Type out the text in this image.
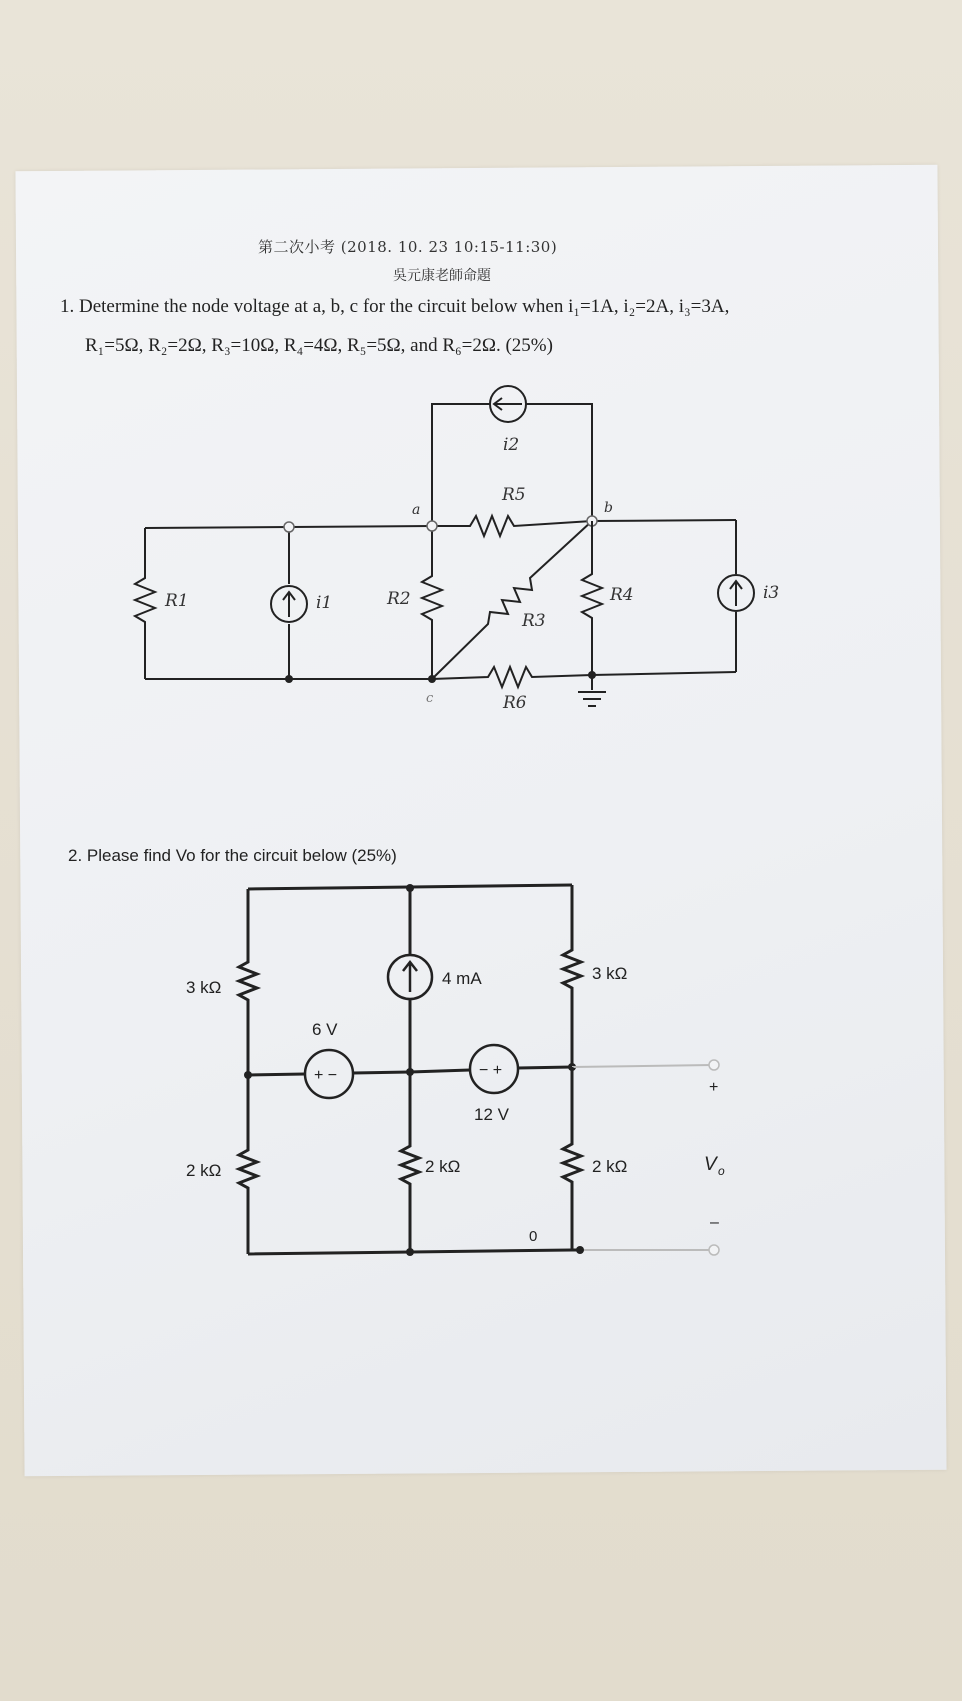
第二次小考 (2018. 10. 23 10:15-11:30)
吳元康老師命題
1. Determine the node voltage at a, b, c for the circuit below when i₁=1A, i₂=2A, i₃=3A,
R₁=5Ω, R₂=2Ω, R₃=10Ω, R₄=4Ω, R₅=5Ω, and R₆=2Ω. (25%)
2. Please find Vo for the circuit below (25%)
i2
R5
a	b
R6
c
R1	i1	R2
R3
R4	i3
3 kΩ	4 mA	3 kΩ
+ −
6 V
− +
12 V
2 kΩ	2 kΩ	2 kΩ
0
+
V o
–
